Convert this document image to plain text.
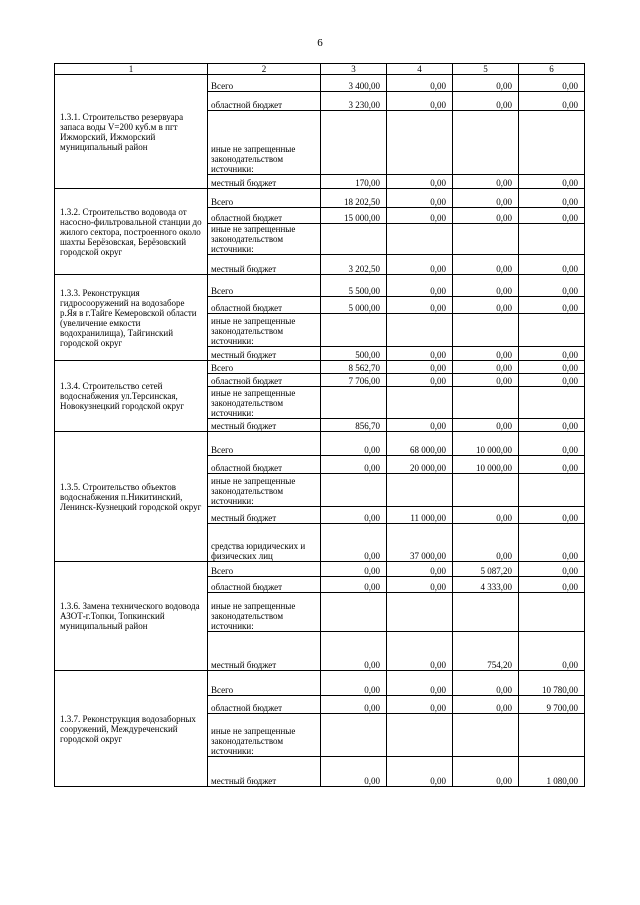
6
1	2	3	4	5	6
1.3.1. Строительство резервуара запаса воды V=200 куб.м в пгт Ижморский, Ижморский муниципальный район	Всего	3 400,00	0,00	0,00	0,00
	областной бюджет	3 230,00	0,00	0,00	0,00
	иные не запрещенные законодательством источники:				
	местный бюджет	170,00	0,00	0,00	0,00
1.3.2. Строительство водовода от насосно-фильтровальной станции до жилого сектора, построенного около шахты Берёзовская, Берёзовский городской округ	Всего	18 202,50	0,00	0,00	0,00
	областной бюджет	15 000,00	0,00	0,00	0,00
	иные не запрещенные законодательством источники:				
	местный бюджет	3 202,50	0,00	0,00	0,00
1.3.3. Реконструкция гидросооружений на водозаборе р.Яя в г.Тайге Кемеровской области (увеличение емкости водохранилища), Тайгинский городской округ	Всего	5 500,00	0,00	0,00	0,00
	областной бюджет	5 000,00	0,00	0,00	0,00
	иные не запрещенные законодательством источники:				
	местный бюджет	500,00	0,00	0,00	0,00
1.3.4. Строительство сетей водоснабжения ул.Терсинская, Новокузнецкий городской округ	Всего	8 562,70	0,00	0,00	0,00
	областной бюджет	7 706,00	0,00	0,00	0,00
	иные не запрещенные законодательством источники:				
	местный бюджет	856,70	0,00	0,00	0,00
1.3.5. Строительство объектов водоснабжения п.Никитинский, Ленинск-Кузнецкий городской округ	Всего	0,00	68 000,00	10 000,00	0,00
	областной бюджет	0,00	20 000,00	10 000,00	0,00
	иные не запрещенные законодательством источники:				
	местный бюджет	0,00	11 000,00	0,00	0,00
	средства юридических и физических лиц	0,00	37 000,00	0,00	0,00
1.3.6. Замена технического водовода АЗОТ-г.Топки, Топкинский муниципальный район	Всего	0,00	0,00	5 087,20	0,00
	областной бюджет	0,00	0,00	4 333,00	0,00
	иные не запрещенные законодательством источники:				
	местный бюджет	0,00	0,00	754,20	0,00
1.3.7. Реконструкция водозаборных сооружений, Междуреченский городской округ	Всего	0,00	0,00	0,00	10 780,00
	областной бюджет	0,00	0,00	0,00	9 700,00
	иные не запрещенные законодательством источники:				
	местный бюджет	0,00	0,00	0,00	1 080,00
